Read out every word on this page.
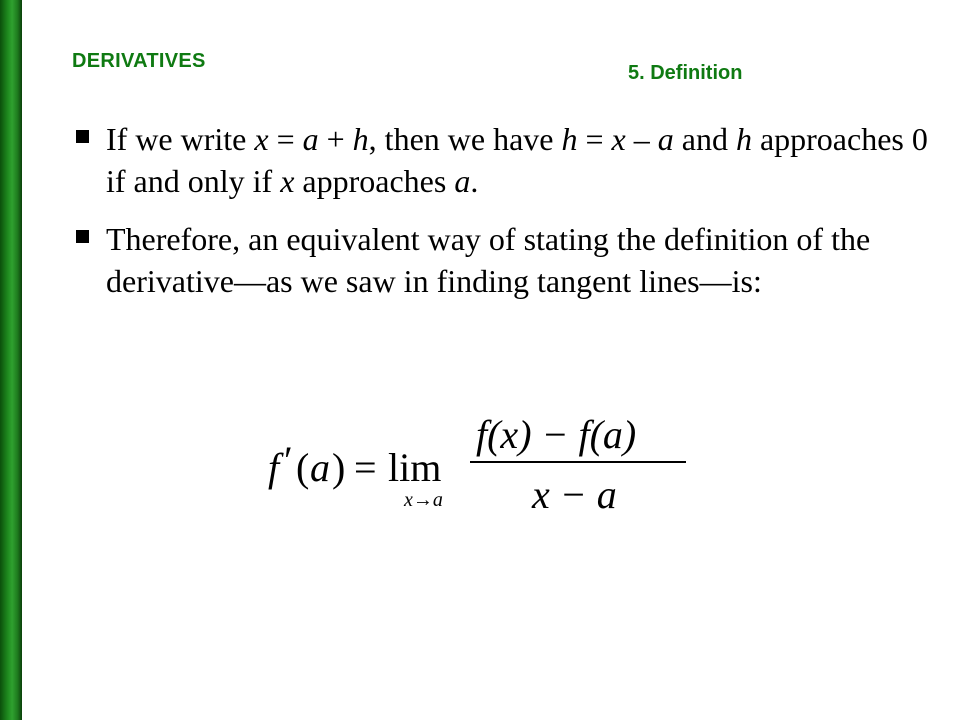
DERIVATIVES
5. Definition
If we write x = a + h, then we have h = x – a and h approaches 0 if and only if x approaches a.
Therefore, an equivalent way of stating the definition of the derivative—as we saw in finding tangent lines—is:
f ′ ( a ) = lim
x→a
f(x) − f(a)
x − a
